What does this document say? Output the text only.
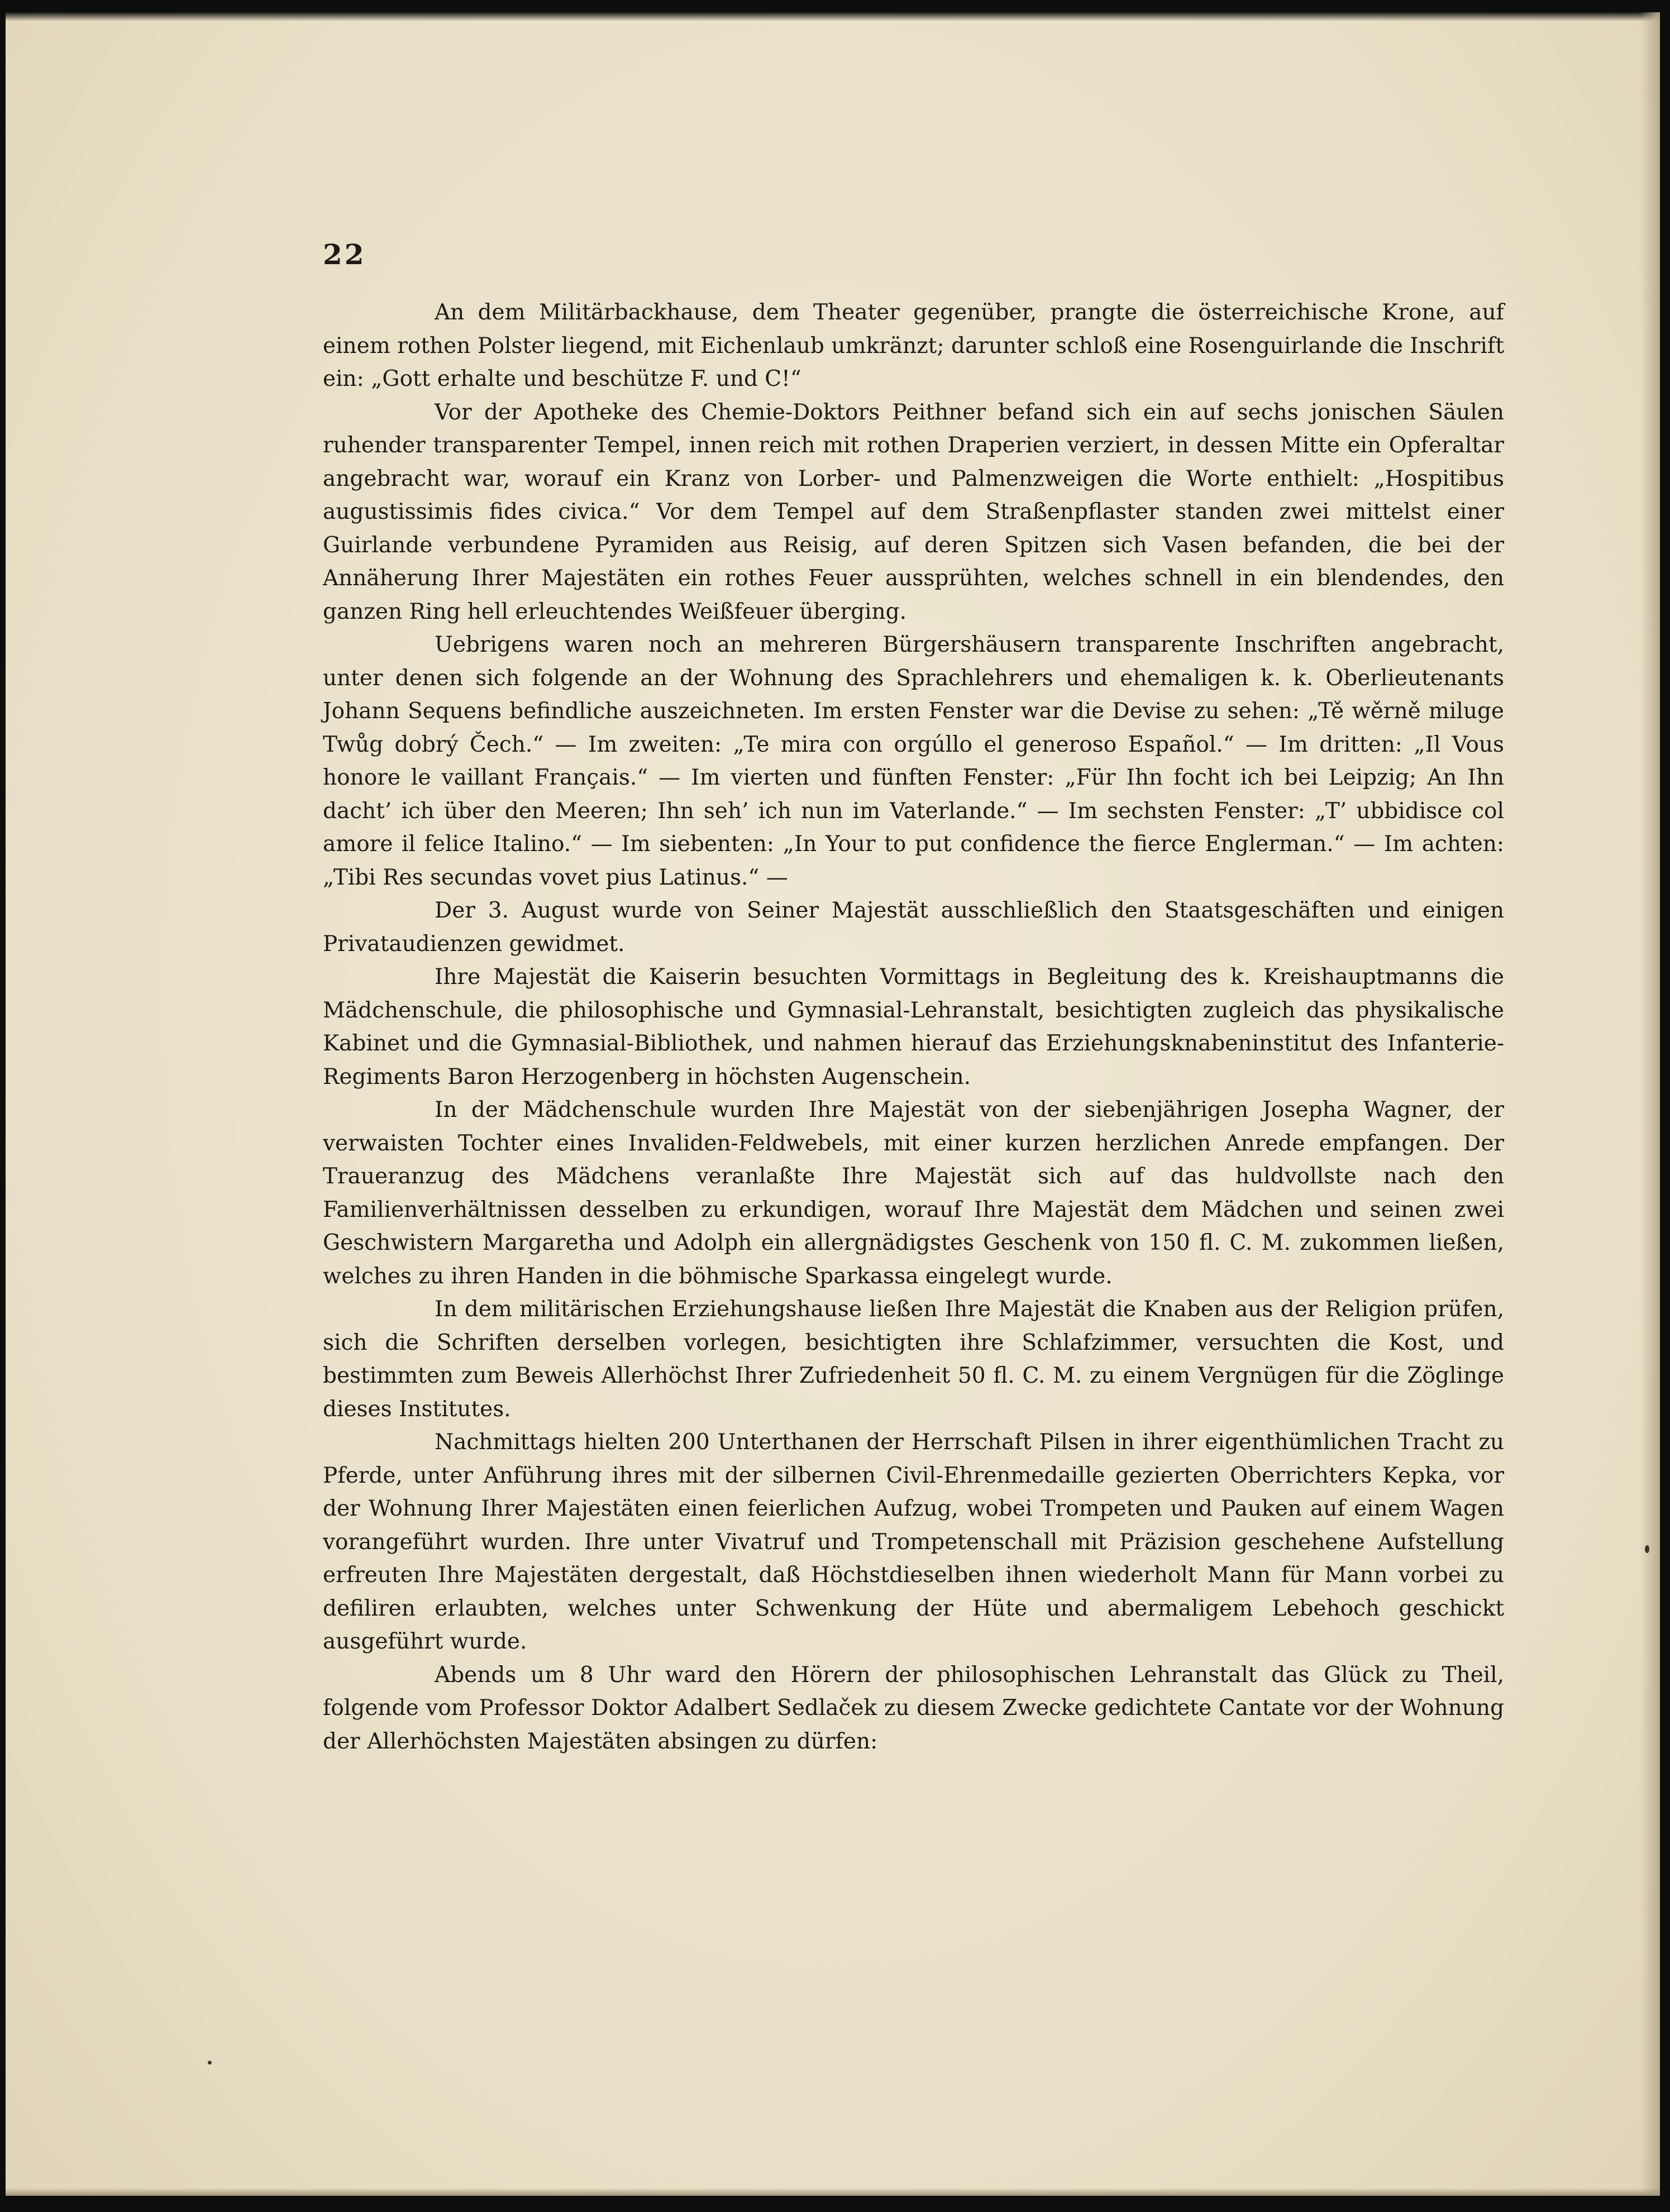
22

An dem Militärbackhause, dem Theater gegenüber, prangte die österreichische Krone, auf einem rothen Polster liegend, mit Eichenlaub umkränzt; darunter schloß eine Rosenguirlande die Inschrift ein: „Gott erhalte und beschütze F. und C!“

Vor der Apotheke des Chemie-Doktors Peithner befand sich ein auf sechs jonischen Säulen ruhender transparenter Tempel, innen reich mit rothen Draperien verziert, in dessen Mitte ein Opferaltar angebracht war, worauf ein Kranz von Lorber- und Palmenzweigen die Worte enthielt: „Hospitibus augustissimis fides civica.“ Vor dem Tempel auf dem Straßenpflaster standen zwei mittelst einer Guirlande verbundene Pyramiden aus Reisig, auf deren Spitzen sich Vasen befanden, die bei der Annäherung Ihrer Majestäten ein rothes Feuer aussprühten, welches schnell in ein blendendes, den ganzen Ring hell erleuchtendes Weißfeuer überging.

Uebrigens waren noch an mehreren Bürgershäusern transparente Inschriften angebracht, unter denen sich folgende an der Wohnung des Sprachlehrers und ehemaligen k. k. Oberlieutenants Johann Sequens befindliche auszeichneten. Im ersten Fenster war die Devise zu sehen: „Tě wěrně miluge Twůg dobrý Čech.“ — Im zweiten: „Te mira con orgúllo el generoso Español.“ — Im dritten: „Il Vous honore le vaillant Français.“ — Im vierten und fünften Fenster: „Für Ihn focht ich bei Leipzig; An Ihn dacht’ ich über den Meeren; Ihn seh’ ich nun im Vaterlande.“ — Im sechsten Fenster: „T’ ubbidisce col amore il felice Italino.“ — Im siebenten: „In Your to put confidence the fierce Englerman.“ — Im achten: „Tibi Res secundas vovet pius Latinus.“ —

Der 3. August wurde von Seiner Majestät ausschließlich den Staatsgeschäften und einigen Privataudienzen gewidmet.

Ihre Majestät die Kaiserin besuchten Vormittags in Begleitung des k. Kreishauptmanns die Mädchenschule, die philosophische und Gymnasial-Lehranstalt, besichtigten zugleich das physikalische Kabinet und die Gymnasial-Bibliothek, und nahmen hierauf das Erziehungsknabeninstitut des Infanterie-Regiments Baron Herzogenberg in höchsten Augenschein.

In der Mädchenschule wurden Ihre Majestät von der siebenjährigen Josepha Wagner, der verwaisten Tochter eines Invaliden-Feldwebels, mit einer kurzen herzlichen Anrede empfangen. Der Traueranzug des Mädchens veranlaßte Ihre Majestät sich auf das huldvollste nach den Familienverhältnissen desselben zu erkundigen, worauf Ihre Majestät dem Mädchen und seinen zwei Geschwistern Margaretha und Adolph ein allergnädigstes Geschenk von 150 fl. C. M. zukommen ließen, welches zu ihren Handen in die böhmische Sparkassa eingelegt wurde.

In dem militärischen Erziehungshause ließen Ihre Majestät die Knaben aus der Religion prüfen, sich die Schriften derselben vorlegen, besichtigten ihre Schlafzimmer, versuchten die Kost, und bestimmten zum Beweis Allerhöchst Ihrer Zufriedenheit 50 fl. C. M. zu einem Vergnügen für die Zöglinge dieses Institutes.

Nachmittags hielten 200 Unterthanen der Herrschaft Pilsen in ihrer eigenthümlichen Tracht zu Pferde, unter Anführung ihres mit der silbernen Civil-Ehrenmedaille gezierten Oberrichters Kepka, vor der Wohnung Ihrer Majestäten einen feierlichen Aufzug, wobei Trompeten und Pauken auf einem Wagen vorangeführt wurden. Ihre unter Vivatruf und Trompetenschall mit Präzision geschehene Aufstellung erfreuten Ihre Majestäten dergestalt, daß Höchstdieselben ihnen wiederholt Mann für Mann vorbei zu defiliren erlaubten, welches unter Schwenkung der Hüte und abermaligem Lebehoch geschickt ausgeführt wurde.

Abends um 8 Uhr ward den Hörern der philosophischen Lehranstalt das Glück zu Theil, folgende vom Professor Doktor Adalbert Sedlaček zu diesem Zwecke gedichtete Cantate vor der Wohnung der Allerhöchsten Majestäten absingen zu dürfen:
